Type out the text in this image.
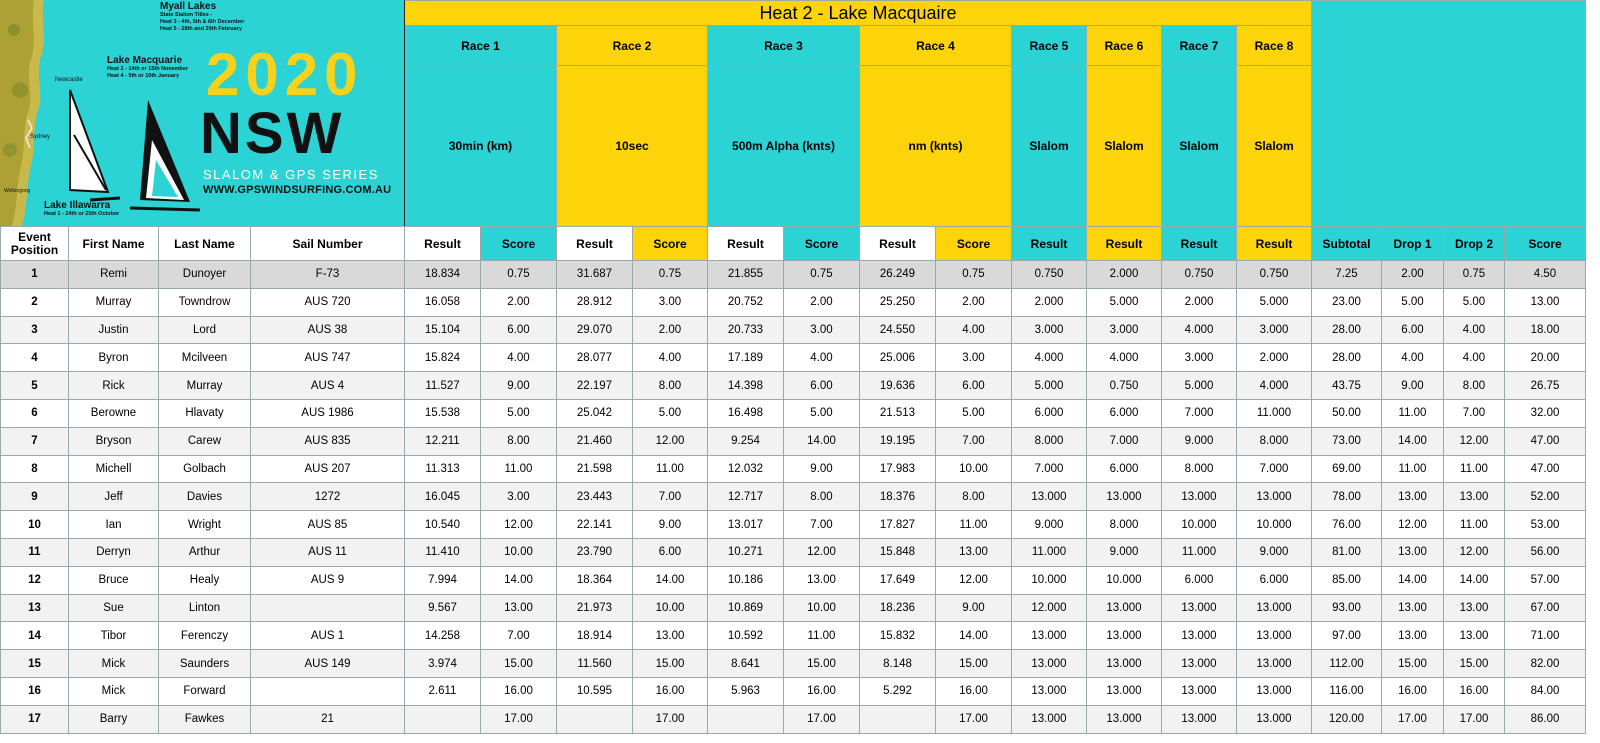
				Heat 2 - Lake Macquaire															
				Race 1		Race 2		Race 3		Race 4		Race 5	Race 6	Race 7	Race 8				
				30min (km)		10sec		500m Alpha (knts)		nm (knts)		Slalom	Slalom	Slalom	Slalom				
Event Position	First Name	Last Name	Sail Number	Result	Score	Result	Score	Result	Score	Result	Score	Result	Result	Result	Result	Subtotal	Drop 1	Drop 2	Score
1	Remi	Dunoyer	F-73	18.834	0.75	31.687	0.75	21.855	0.75	26.249	0.75	0.750	2.000	0.750	0.750	7.25	2.00	0.75	4.50
2	Murray	Towndrow	AUS 720	16.058	2.00	28.912	3.00	20.752	2.00	25.250	2.00	2.000	5.000	2.000	5.000	23.00	5.00	5.00	13.00
3	Justin	Lord	AUS 38	15.104	6.00	29.070	2.00	20.733	3.00	24.550	4.00	3.000	3.000	4.000	3.000	28.00	6.00	4.00	18.00
4	Byron	Mcilveen	AUS 747	15.824	4.00	28.077	4.00	17.189	4.00	25.006	3.00	4.000	4.000	3.000	2.000	28.00	4.00	4.00	20.00
5	Rick	Murray	AUS 4	11.527	9.00	22.197	8.00	14.398	6.00	19.636	6.00	5.000	0.750	5.000	4.000	43.75	9.00	8.00	26.75
6	Berowne	Hlavaty	AUS 1986	15.538	5.00	25.042	5.00	16.498	5.00	21.513	5.00	6.000	6.000	7.000	11.000	50.00	11.00	7.00	32.00
7	Bryson	Carew	AUS 835	12.211	8.00	21.460	12.00	9.254	14.00	19.195	7.00	8.000	7.000	9.000	8.000	73.00	14.00	12.00	47.00
8	Michell	Golbach	AUS 207	11.313	11.00	21.598	11.00	12.032	9.00	17.983	10.00	7.000	6.000	8.000	7.000	69.00	11.00	11.00	47.00
9	Jeff	Davies	1272	16.045	3.00	23.443	7.00	12.717	8.00	18.376	8.00	13.000	13.000	13.000	13.000	78.00	13.00	13.00	52.00
10	Ian	Wright	AUS 85	10.540	12.00	22.141	9.00	13.017	7.00	17.827	11.00	9.000	8.000	10.000	10.000	76.00	12.00	11.00	53.00
11	Derryn	Arthur	AUS 11	11.410	10.00	23.790	6.00	10.271	12.00	15.848	13.00	11.000	9.000	11.000	9.000	81.00	13.00	12.00	56.00
12	Bruce	Healy	AUS 9	7.994	14.00	18.364	14.00	10.186	13.00	17.649	12.00	10.000	10.000	6.000	6.000	85.00	14.00	14.00	57.00
13	Sue	Linton		9.567	13.00	21.973	10.00	10.869	10.00	18.236	9.00	12.000	13.000	13.000	13.000	93.00	13.00	13.00	67.00
14	Tibor	Ferenczy	AUS 1	14.258	7.00	18.914	13.00	10.592	11.00	15.832	14.00	13.000	13.000	13.000	13.000	97.00	13.00	13.00	71.00
15	Mick	Saunders	AUS 149	3.974	15.00	11.560	15.00	8.641	15.00	8.148	15.00	13.000	13.000	13.000	13.000	112.00	15.00	15.00	82.00
16	Mick	Forward		2.611	16.00	10.595	16.00	5.963	16.00	5.292	16.00	13.000	13.000	13.000	13.000	116.00	16.00	16.00	84.00
17	Barry	Fawkes	21		17.00		17.00		17.00		17.00	13.000	13.000	13.000	13.000	120.00	17.00	17.00	86.00
Newcastle
Sydney
Wollongong
Myall Lakes
State Slalom Titles -
Heat 3 - 4th, 5th & 6th December
Heat 5 - 28th and 29th February
Lake Macquarie
Heat 2 - 14th or 15th November
Heat 4 - 9th or 10th January
Lake Illawarra
Heat 1 - 24th or 25th October
2020
NSW
SLALOM & GPS SERIES
WWW.GPSWINDSURFING.COM.AU
